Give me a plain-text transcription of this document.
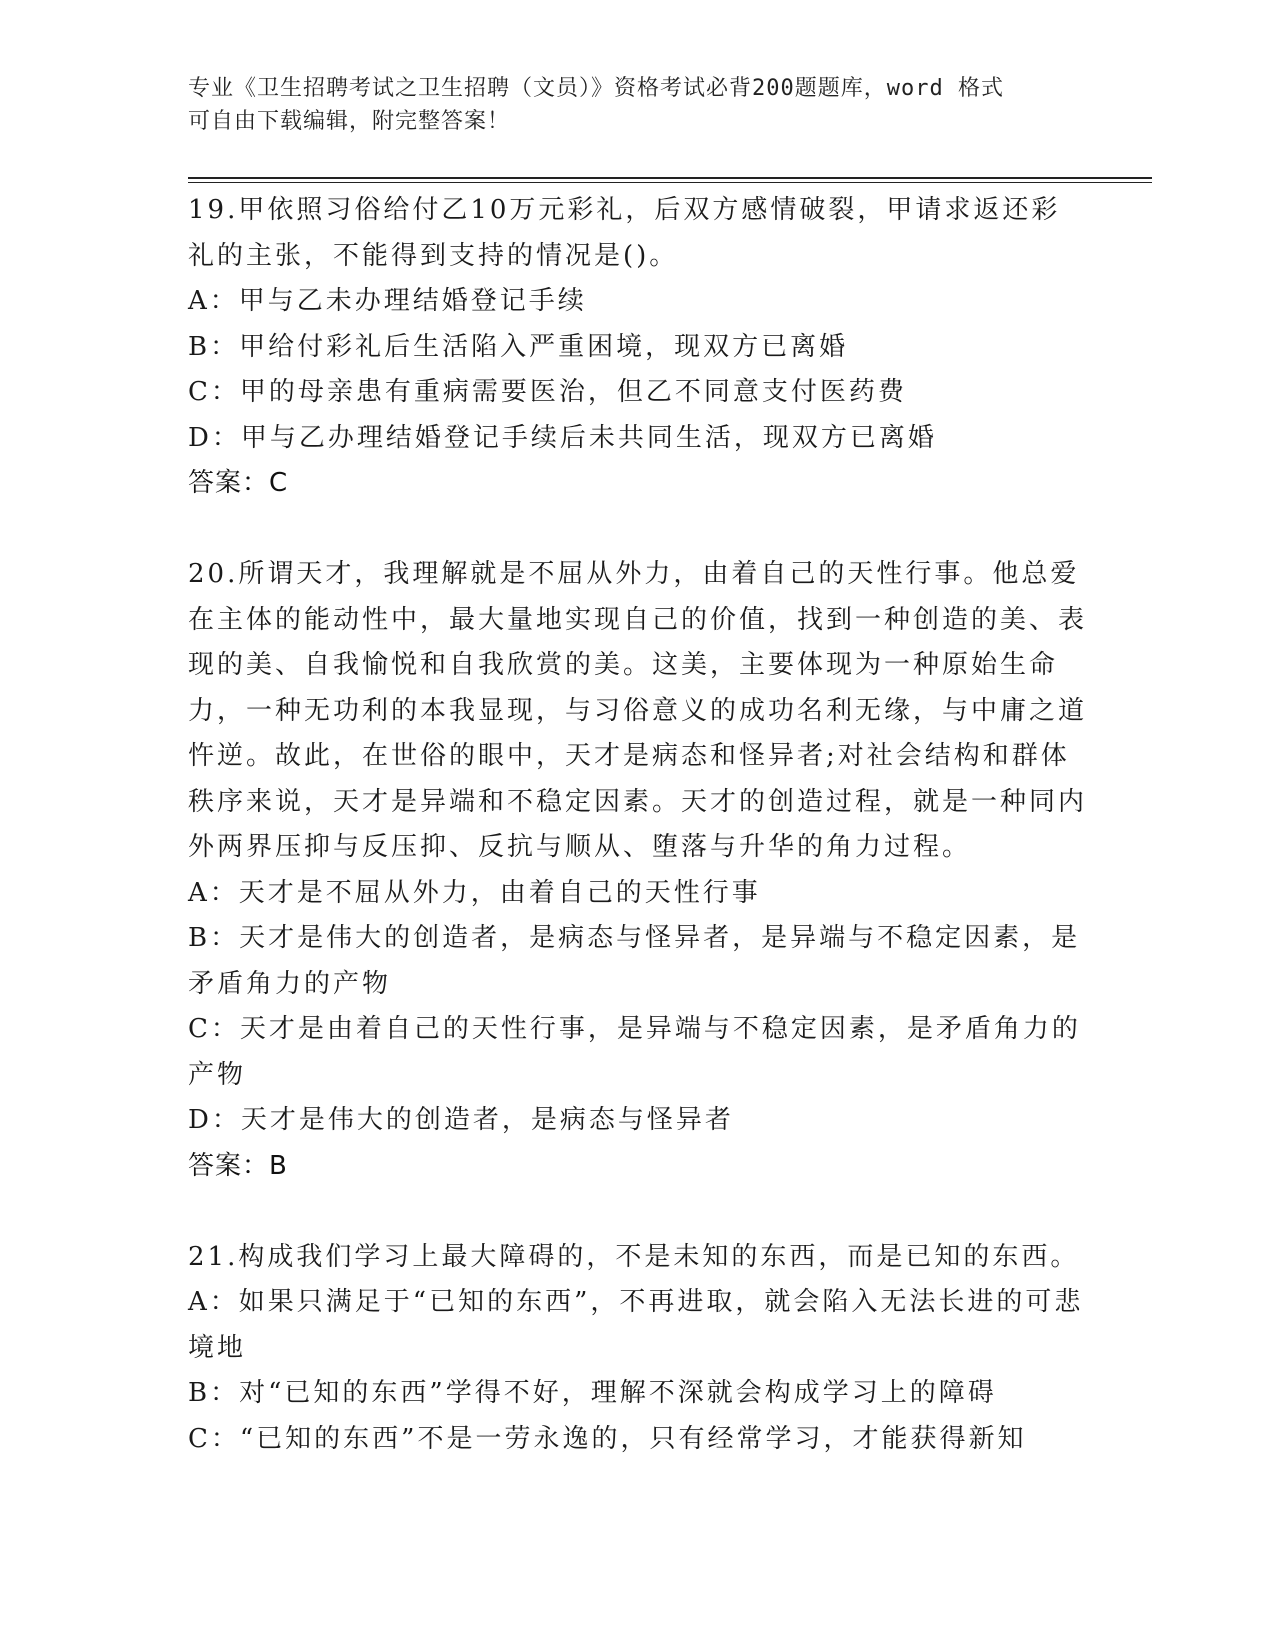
专业《卫生招聘考试之卫生招聘（文员）》资格考试必背200题题库，word 格式
可自由下载编辑，附完整答案！

19.甲依照习俗给付乙10万元彩礼，后双方感情破裂，甲请求返还彩礼的主张，不能得到支持的情况是()。

A：甲与乙未办理结婚登记手续

B：甲给付彩礼后生活陷入严重困境，现双方已离婚

C：甲的母亲患有重病需要医治，但乙不同意支付医药费

D：甲与乙办理结婚登记手续后未共同生活，现双方已离婚

答案：C

20.所谓天才，我理解就是不屈从外力，由着自己的天性行事。他总爱在主体的能动性中，最大量地实现自己的价值，找到一种创造的美、表现的美、自我愉悦和自我欣赏的美。这美，主要体现为一种原始生命力，一种无功利的本我显现，与习俗意义的成功名利无缘，与中庸之道忤逆。故此，在世俗的眼中，天才是病态和怪异者;对社会结构和群体秩序来说，天才是异端和不稳定因素。天才的创造过程，就是一种同内外两界压抑与反压抑、反抗与顺从、堕落与升华的角力过程。

A：天才是不屈从外力，由着自己的天性行事

B：天才是伟大的创造者，是病态与怪异者，是异端与不稳定因素，是矛盾角力的产物

C：天才是由着自己的天性行事，是异端与不稳定因素，是矛盾角力的产物

D：天才是伟大的创造者，是病态与怪异者

答案：B

21.构成我们学习上最大障碍的，不是未知的东西，而是已知的东西。

A：如果只满足于“已知的东西”，不再进取，就会陷入无法长进的可悲境地

B：对“已知的东西”学得不好，理解不深就会构成学习上的障碍

C：“已知的东西”不是一劳永逸的，只有经常学习，才能获得新知
